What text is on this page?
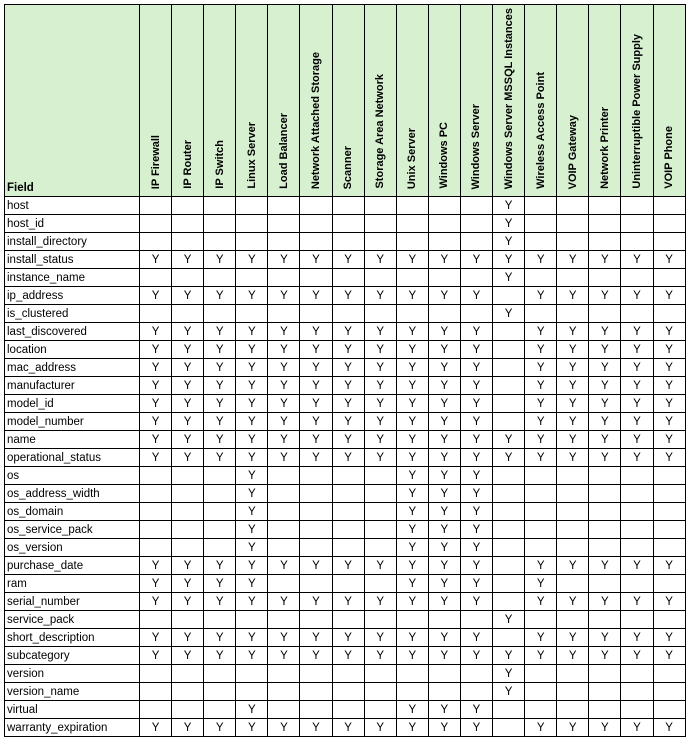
Field	IP Firewall	IP Router	IP Switch	Linux Server	Load Balancer	Network Attached Storage	Scanner	Storage Area Network	Unix Server	Windows PC	Windows Server	Windows Server MSSQL Instances	Wireless Access Point	VOIP Gateway	Network Printer	Uninterruptible Power Supply	VOIP Phone
host												Y					
host_id												Y					
install_directory												Y					
install_status	Y	Y	Y	Y	Y	Y	Y	Y	Y	Y	Y	Y	Y	Y	Y	Y	Y
instance_name												Y					
ip_address	Y	Y	Y	Y	Y	Y	Y	Y	Y	Y	Y		Y	Y	Y	Y	Y
is_clustered												Y					
last_discovered	Y	Y	Y	Y	Y	Y	Y	Y	Y	Y	Y		Y	Y	Y	Y	Y
location	Y	Y	Y	Y	Y	Y	Y	Y	Y	Y	Y		Y	Y	Y	Y	Y
mac_address	Y	Y	Y	Y	Y	Y	Y	Y	Y	Y	Y		Y	Y	Y	Y	Y
manufacturer	Y	Y	Y	Y	Y	Y	Y	Y	Y	Y	Y		Y	Y	Y	Y	Y
model_id	Y	Y	Y	Y	Y	Y	Y	Y	Y	Y	Y		Y	Y	Y	Y	Y
model_number	Y	Y	Y	Y	Y	Y	Y	Y	Y	Y	Y		Y	Y	Y	Y	Y
name	Y	Y	Y	Y	Y	Y	Y	Y	Y	Y	Y	Y	Y	Y	Y	Y	Y
operational_status	Y	Y	Y	Y	Y	Y	Y	Y	Y	Y	Y	Y	Y	Y	Y	Y	Y
os				Y					Y	Y	Y						
os_address_width				Y					Y	Y	Y						
os_domain				Y					Y	Y	Y						
os_service_pack				Y					Y	Y	Y						
os_version				Y					Y	Y	Y						
purchase_date	Y	Y	Y	Y	Y	Y	Y	Y	Y	Y	Y		Y	Y	Y	Y	Y
ram	Y	Y	Y	Y					Y	Y	Y		Y				
serial_number	Y	Y	Y	Y	Y	Y	Y	Y	Y	Y	Y		Y	Y	Y	Y	Y
service_pack												Y					
short_description	Y	Y	Y	Y	Y	Y	Y	Y	Y	Y	Y		Y	Y	Y	Y	Y
subcategory	Y	Y	Y	Y	Y	Y	Y	Y	Y	Y	Y	Y	Y	Y	Y	Y	Y
version												Y					
version_name												Y					
virtual				Y					Y	Y	Y						
warranty_expiration	Y	Y	Y	Y	Y	Y	Y	Y	Y	Y	Y		Y	Y	Y	Y	Y
